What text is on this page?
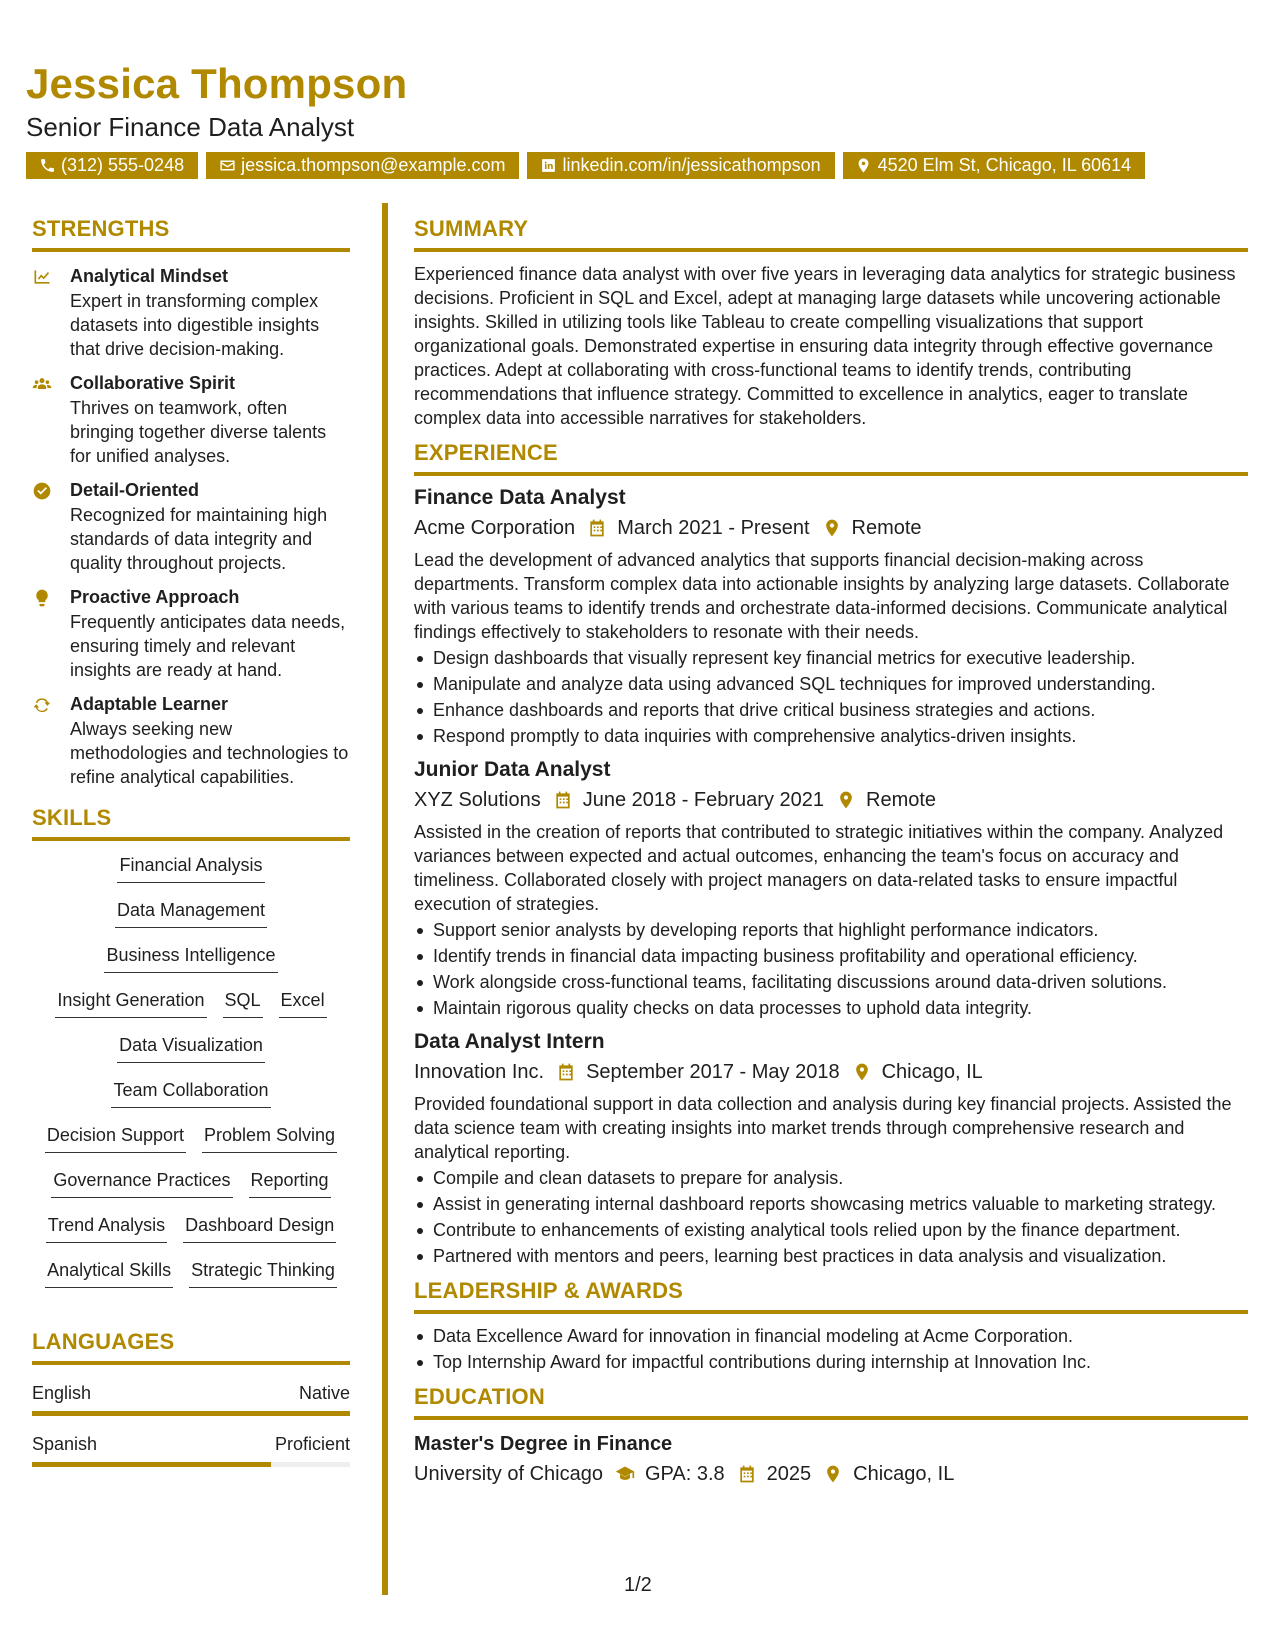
Jessica Thompson
Senior Finance Data Analyst
(312) 555-0248	jessica.thompson@example.com	linkedin.com/in/jessicathompson	4520 Elm St, Chicago, IL 60614
STRENGTHS
Analytical Mindset
Expert in transforming complex datasets into digestible insights that drive decision-making.
Collaborative Spirit
Thrives on teamwork, often bringing together diverse talents for unified analyses.
Detail-Oriented
Recognized for maintaining high standards of data integrity and quality throughout projects.
Proactive Approach
Frequently anticipates data needs, ensuring timely and relevant insights are ready at hand.
Adaptable Learner
Always seeking new methodologies and technologies to refine analytical capabilities.
SKILLS
Financial Analysis
Data Management
Business Intelligence
Insight Generation SQL Excel
Data Visualization
Team Collaboration
Decision Support Problem Solving
Governance Practices Reporting
Trend Analysis Dashboard Design
Analytical Skills Strategic Thinking
LANGUAGES
English	Native
Spanish	Proficient
SUMMARY
Experienced finance data analyst with over five years in leveraging data analytics for strategic business decisions. Proficient in SQL and Excel, adept at managing large datasets while uncovering actionable insights. Skilled in utilizing tools like Tableau to create compelling visualizations that support organizational goals. Demonstrated expertise in ensuring data integrity through effective governance practices. Adept at collaborating with cross-functional teams to identify trends, contributing recommendations that influence strategy. Committed to excellence in analytics, eager to translate complex data into accessible narratives for stakeholders.
EXPERIENCE
Finance Data Analyst
Acme Corporation March 2021 - Present Remote
Lead the development of advanced analytics that supports financial decision-making across departments. Transform complex data into actionable insights by analyzing large datasets. Collaborate with various teams to identify trends and orchestrate data-informed decisions. Communicate analytical findings effectively to stakeholders to resonate with their needs.
Design dashboards that visually represent key financial metrics for executive leadership.
Manipulate and analyze data using advanced SQL techniques for improved understanding.
Enhance dashboards and reports that drive critical business strategies and actions.
Respond promptly to data inquiries with comprehensive analytics-driven insights.
Junior Data Analyst
XYZ Solutions June 2018 - February 2021 Remote
Assisted in the creation of reports that contributed to strategic initiatives within the company. Analyzed variances between expected and actual outcomes, enhancing the team's focus on accuracy and timeliness. Collaborated closely with project managers on data-related tasks to ensure impactful execution of strategies.
Support senior analysts by developing reports that highlight performance indicators.
Identify trends in financial data impacting business profitability and operational efficiency.
Work alongside cross-functional teams, facilitating discussions around data-driven solutions.
Maintain rigorous quality checks on data processes to uphold data integrity.
Data Analyst Intern
Innovation Inc. September 2017 - May 2018 Chicago, IL
Provided foundational support in data collection and analysis during key financial projects. Assisted the data science team with creating insights into market trends through comprehensive research and analytical reporting.
Compile and clean datasets to prepare for analysis.
Assist in generating internal dashboard reports showcasing metrics valuable to marketing strategy.
Contribute to enhancements of existing analytical tools relied upon by the finance department.
Partnered with mentors and peers, learning best practices in data analysis and visualization.
LEADERSHIP & AWARDS
Data Excellence Award for innovation in financial modeling at Acme Corporation.
Top Internship Award for impactful contributions during internship at Innovation Inc.
EDUCATION
Master's Degree in Finance
University of Chicago GPA: 3.8 2025 Chicago, IL
1/2
